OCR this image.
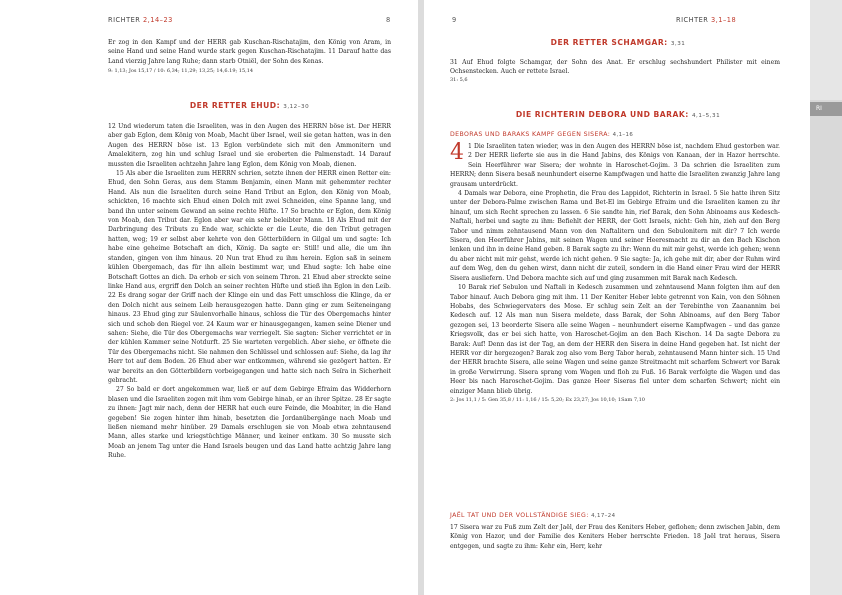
RI
RICHTER 2,14–23	8

Er zog in den Kampf und der HERR gab Kuschan-Rischatajim, den König von Aram, in seine Hand und seine Hand wurde stark gegen Kuschan-Rischatajim. 11 Darauf hatte das Land vierzig Jahre lang Ruhe; dann starb Otniël, der Sohn des Kenas.

9: 1,13; Jos 15,17 / 10: 6,34; 11,29; 13,25; 14,6.19; 15,14
DER RETTER EHUD: 3,12–30

12 Und wiederum taten die Israeliten, was in den Augen des HERRN böse ist. Der HERR aber gab Eglon, dem König von Moab, Macht über Israel, weil sie getan hatten, was in den Augen des HERRN böse ist. 13 Eglon verbündete sich mit den Ammonitern und Amalekitern, zog hin und schlug Israel und sie eroberten die Palmenstadt. 14 Darauf mussten die Israeliten achtzehn Jahre lang Eglon, dem König von Moab, dienen.

15 Als aber die Israeliten zum HERRN schrien, setzte ihnen der HERR einen Retter ein: Ehud, den Sohn Geras, aus dem Stamm Benjamin, einen Mann mit gehemmter rechter Hand. Als nun die Israeliten durch seine Hand Tribut an Eglon, den König von Moab, schickten, 16 machte sich Ehud einen Dolch mit zwei Schneiden, eine Spanne lang, und band ihn unter seinem Gewand an seine rechte Hüfte. 17 So brachte er Eglon, dem König von Moab, den Tribut dar. Eglon aber war ein sehr beleibter Mann. 18 Als Ehud mit der Darbringung des Tributs zu Ende war, schickte er die Leute, die den Tribut getragen hatten, weg; 19 er selbst aber kehrte von den Götterbildern in Gilgal um und sagte: Ich habe eine geheime Botschaft an dich, König. Da sagte er: Still! und alle, die um ihn standen, gingen von ihm hinaus. 20 Nun trat Ehud zu ihm herein. Eglon saß in seinem kühlen Obergemach, das für ihn allein bestimmt war, und Ehud sagte: Ich habe eine Botschaft Gottes an dich. Da erhob er sich von seinem Thron. 21 Ehud aber streckte seine linke Hand aus, ergriff den Dolch an seiner rechten Hüfte und stieß ihn Eglon in den Leib. 22 Es drang sogar der Griff nach der Klinge ein und das Fett umschloss die Klinge, da er den Dolch nicht aus seinem Leib herausgezogen hatte. Dann ging er zum Seiteneingang hinaus. 23 Ehud ging zur Säulenvorhalle hinaus, schloss die Tür des Obergemachs hinter sich und schob den Riegel vor. 24 Kaum war er hinausgegangen, kamen seine Diener und sahen: Siehe, die Tür des Obergemachs war verriegelt. Sie sagten: Sicher verrichtet er in der kühlen Kammer seine Notdurft. 25 Sie warteten vergeblich. Aber siehe, er öffnete die Tür des Obergemachs nicht. Sie nahmen den Schlüssel und schlossen auf: Siehe, da lag ihr Herr tot auf dem Boden. 26 Ehud aber war entkommen, während sie gezögert hatten. Er war bereits an den Götterbildern vorbeigegangen und hatte sich nach Seïra in Sicherheit gebracht.

27 So bald er dort angekommen war, ließ er auf dem Gebirge Efraim das Widderhorn blasen und die Israeliten zogen mit ihm vom Gebirge hinab, er an ihrer Spitze. 28 Er sagte zu ihnen: Jagt mir nach, denn der HERR hat euch eure Feinde, die Moabiter, in die Hand gegeben! Sie zogen hinter ihm hinab, besetzten die Jordanübergänge nach Moab und ließen niemand mehr hinüber. 29 Damals erschlugen sie von Moab etwa zehntausend Mann, alles starke und kriegstüchtige Männer, und keiner entkam. 30 So musste sich Moab an jenem Tag unter die Hand Israels beugen und das Land hatte achtzig Jahre lang Ruhe.

9	RICHTER 3,1–18
DER RETTER SCHAMGAR: 3,31

31 Auf Ehud folgte Schamgar, der Sohn des Anat. Er erschlug sechshundert Philister mit einem Ochsenstecken. Auch er rettete Israel.

31: 5,6
DIE RICHTERIN DEBORA UND BARAK: 4,1–5,31
DEBORAS UND BARAKS KAMPF GEGEN SISERA: 4,1–16

4 1 Die Israeliten taten wieder, was in den Augen des HERRN böse ist, nachdem Ehud gestorben war. 2 Der HERR lieferte sie aus in die Hand Jabins, des Königs von Kanaan, der in Hazor herrschte. Sein Heerführer war Sisera; der wohnte in Haroschet-Gojim. 3 Da schrien die Israeliten zum HERRN; denn Sisera besaß neunhundert eiserne Kampfwagen und hatte die Israeliten zwanzig Jahre lang grausam unterdrückt.

4 Damals war Debora, eine Prophetin, die Frau des Lappidot, Richterin in Israel. 5 Sie hatte ihren Sitz unter der Debora-Palme zwischen Rama und Bet-El im Gebirge Efraim und die Israeliten kamen zu ihr hinauf, um sich Recht sprechen zu lassen. 6 Sie sandte hin, rief Barak, den Sohn Abinoams aus Kedesch-Naftali, herbei und sagte zu ihm: Befiehlt der HERR, der Gott Israels, nicht: Geh hin, zieh auf den Berg Tabor und nimm zehntausend Mann von den Naftalitern und den Sebulonitern mit dir? 7 Ich werde Sisera, den Heerführer Jabins, mit seinen Wagen und seiner Heeresmacht zu dir an den Bach Kischon lenken und ihn in deine Hand geben. 8 Barak sagte zu ihr: Wenn du mit mir gehst, werde ich gehen; wenn du aber nicht mit mir gehst, werde ich nicht gehen. 9 Sie sagte: Ja, ich gehe mit dir, aber der Ruhm wird auf dem Weg, den du gehen wirst, dann nicht dir zuteil, sondern in die Hand einer Frau wird der HERR Sisera ausliefern. Und Debora machte sich auf und ging zusammen mit Barak nach Kedesch.

10 Barak rief Sebulon und Naftali in Kedesch zusammen und zehntausend Mann folgten ihm auf den Tabor hinauf. Auch Debora ging mit ihm. 11 Der Keniter Heber lebte getrennt von Kain, von den Söhnen Hobabs, des Schwiegervaters des Mose. Er schlug sein Zelt an der Terebinthe von Zaanannim bei Kedesch auf. 12 Als man nun Sisera meldete, dass Barak, der Sohn Abinoams, auf den Berg Tabor gezogen sei, 13 beorderte Sisera alle seine Wagen – neunhundert eiserne Kampfwagen – und das ganze Kriegsvolk, das er bei sich hatte, von Haroschet-Gojim an den Bach Kischon. 14 Da sagte Debora zu Barak: Auf! Denn das ist der Tag, an dem der HERR den Sisera in deine Hand gegeben hat. Ist nicht der HERR vor dir hergezogen? Barak zog also vom Berg Tabor herab, zehntausend Mann hinter sich. 15 Und der HERR brachte Sisera, alle seine Wagen und seine ganze Streitmacht mit scharfem Schwert vor Barak in große Verwirrung. Sisera sprang vom Wagen und floh zu Fuß. 16 Barak verfolgte die Wagen und das Heer bis nach Haroschet-Gojim. Das ganze Heer Siseras fiel unter dem scharfen Schwert; nicht ein einziger Mann blieb übrig.

2: Jos 11,1 / 5: Gen 35,8 / 11: 1,16 / 15: 5,20; Ex 23,27; Jos 10,10; 1Sam 7,10
JAËL TAT UND DER VOLLSTÄNDIGE SIEG: 4,17–24

17 Sisera war zu Fuß zum Zelt der Jaël, der Frau des Keniters Heber, geflohen; denn zwischen Jabin, dem König von Hazor, und der Familie des Keniters Heber herrschte Frieden. 18 Jaël trat heraus, Sisera entgegen, und sagte zu ihm: Kehr ein, Herr, kehr
